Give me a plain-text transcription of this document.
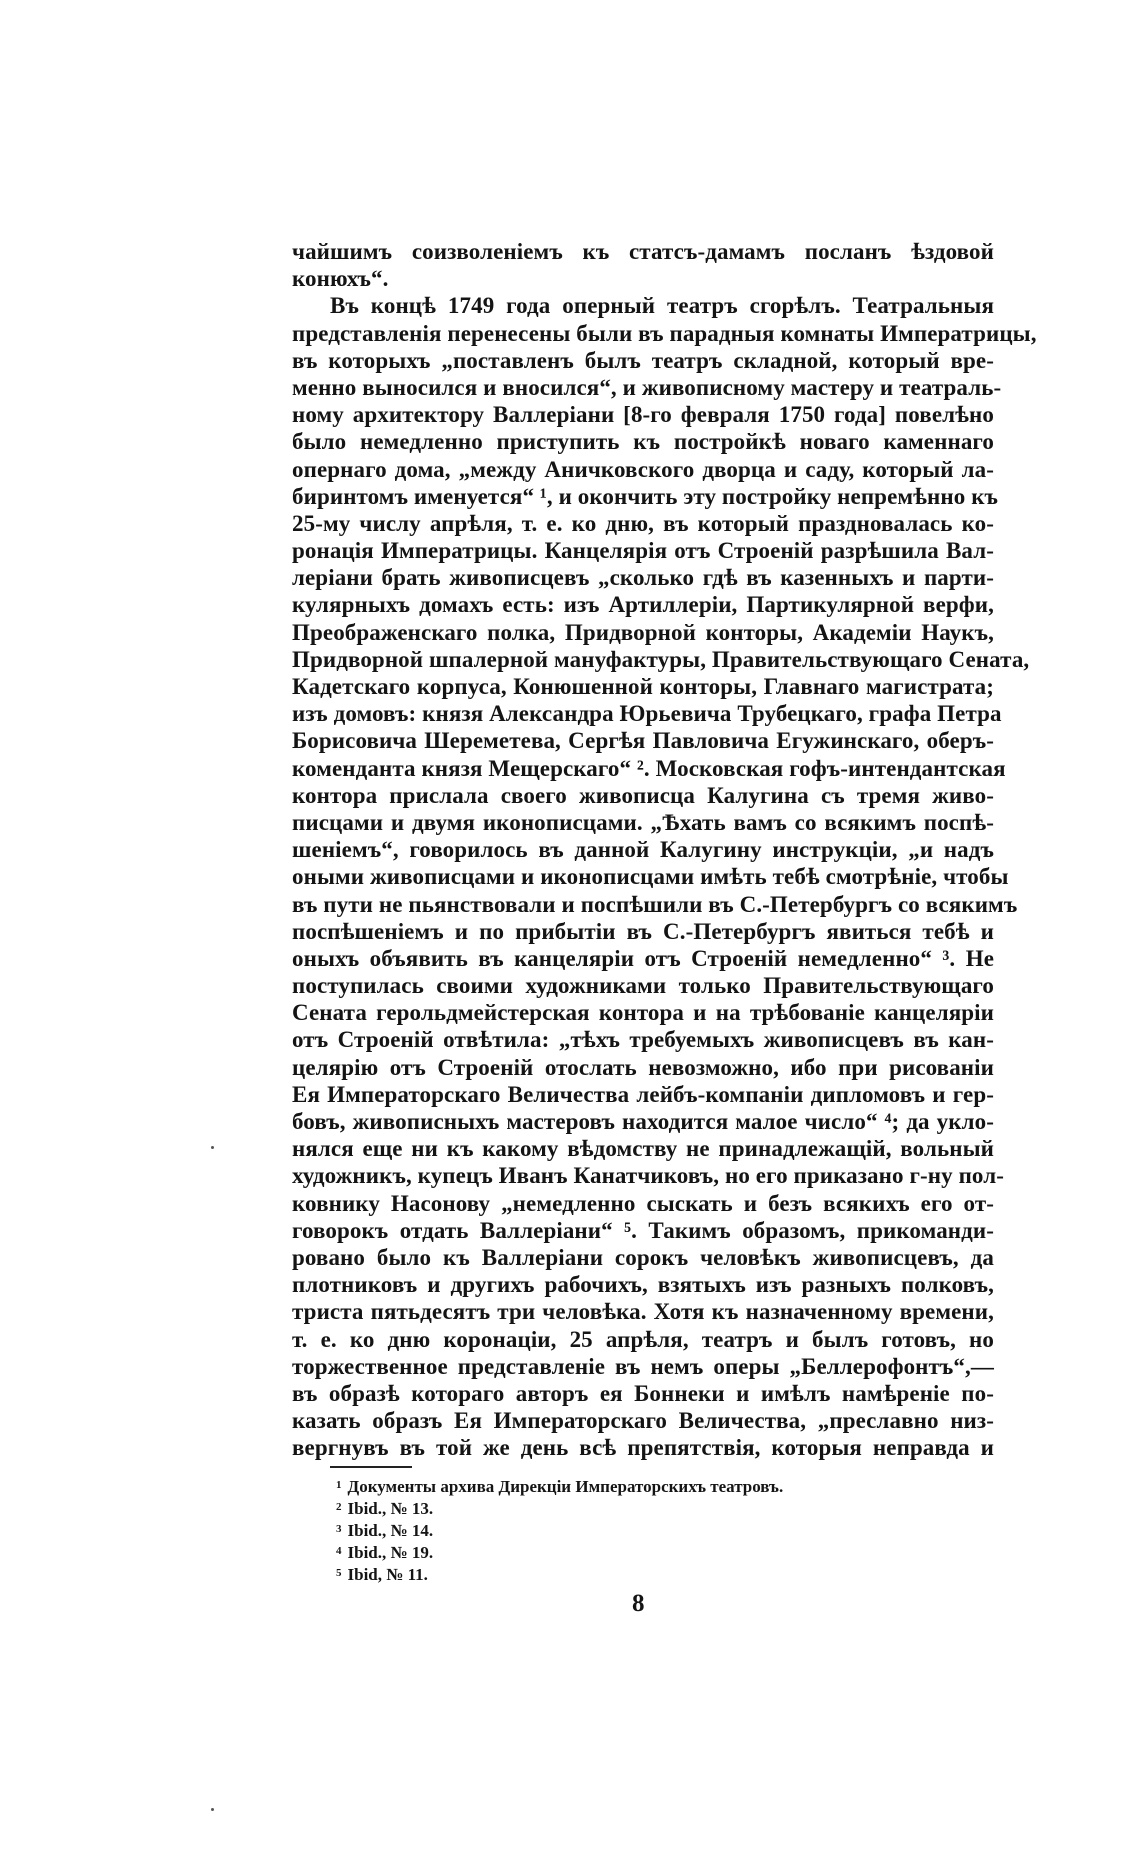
чайшимъ соизволенiемъ къ статсъ-дамамъ посланъ ѣздовой
конюхъ“.
Въ концѣ 1749 года оперный театръ сгорѣлъ. Театральныя
представленiя перенесены были въ парадныя комнаты Императрицы,
въ которыхъ „поставленъ былъ театръ складной, который вре-
менно выносился и вносился“, и живописному мастеру и театраль-
ному архитектору Валлерiани [8-го февраля 1750 года] повелѣно
было немедленно приступить къ постройкѣ новаго каменнаго
опернаго дома, „между Аничковского дворца и саду, который ла-
биринтомъ именуется“ ¹, и окончить эту постройку непремѣнно къ
25-му числу апрѣля, т. е. ко дню, въ который праздновалась ко-
ронацiя Императрицы. Канцелярiя отъ Строенiй разрѣшила Вал-
лерiани брать живописцевъ „сколько гдѣ въ казенныхъ и парти-
кулярныхъ домахъ есть: изъ Артиллерiи, Партикулярной верфи,
Преображенскаго полка, Придворной конторы, Академiи Наукъ,
Придворной шпалерной мануфактуры, Правительствующаго Сената,
Кадетскаго корпуса, Конюшенной конторы, Главнаго магистрата;
изъ домовъ: князя Александра Юрьевича Трубецкаго, графа Петра
Борисовича Шереметева, Сергѣя Павловича Егужинскаго, оберъ-
коменданта князя Мещерскаго“ ². Московская гофъ-интендантская
контора прислала своего живописца Калугина съ тремя живо-
писцами и двумя иконописцами. „Ѣхать вамъ со всякимъ поспѣ-
шенiемъ“, говорилось въ данной Калугину инструкцiи, „и надъ
оными живописцами и иконописцами имѣть тебѣ смотрѣнiе, чтобы
въ пути не пьянствовали и поспѣшили въ С.-Петербургъ со всякимъ
поспѣшенiемъ и по прибытiи въ С.-Петербургъ явиться тебѣ и
оныхъ объявить въ канцелярiи отъ Строенiй немедленно“ ³. Не
поступилась своими художниками только Правительствующаго
Сената герольдмейстерская контора и на трѣбованiе канцелярiи
отъ Строенiй отвѣтила: „тѣхъ требуемыхъ живописцевъ въ кан-
целярiю отъ Строенiй отослать невозможно, ибо при рисованiи
Ея Императорскаго Величества лейбъ-компанiи дипломовъ и гер-
бовъ, живописныхъ мастеровъ находится малое число“ ⁴; да укло-
нялся еще ни къ какому вѣдомству не принадлежащiй, вольный
художникъ, купецъ Иванъ Канатчиковъ, но его приказано г-ну пол-
ковнику Насонову „немедленно сыскать и безъ всякихъ его от-
говорокъ отдать Валлерiани“ ⁵. Такимъ образомъ, прикоманди-
ровано было къ Валлерiани сорокъ человѣкъ живописцевъ, да
плотниковъ и другихъ рабочихъ, взятыхъ изъ разныхъ полковъ,
триста пятьдесятъ три человѣка. Хотя къ назначенному времени,
т. е. ко дню коронацiи, 25 апрѣля, театръ и былъ готовъ, но
торжественное представленiе въ немъ оперы „Беллерофонтъ“,—
въ образѣ котораго авторъ ея Боннеки и имѣлъ намѣренiе по-
казать образъ Ея Императорскаго Величества, „преславно низ-
вергнувъ въ той же день всѣ препятствiя, которыя неправда и
$^1$ Документы архива Дирекцiи Императорскихъ театровъ.
$^2$ Ibid., № 13.
$^3$ Ibid., № 14.
$^4$ Ibid., № 19.
$^5$ Ibid, № 11.
8
